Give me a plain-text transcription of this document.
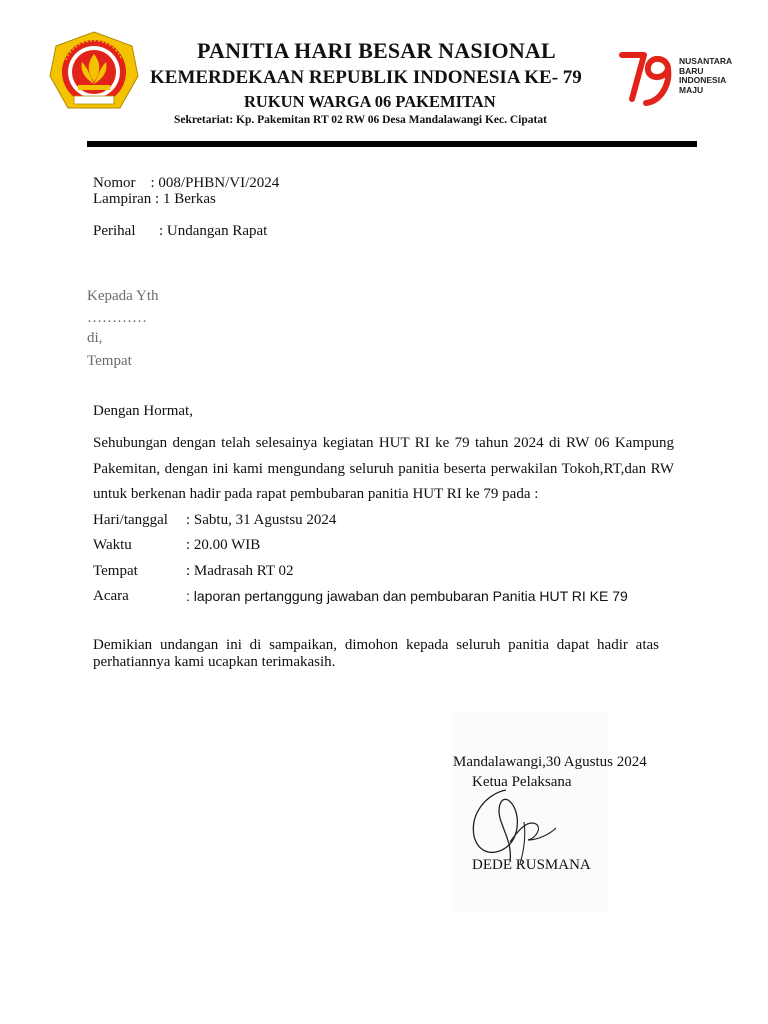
NUSANTARA
BARU
INDONESIA
MAJU
PANITIA HARI BESAR NASIONAL
KEMERDEKAAN REPUBLIK INDONESIA KE- 79
RUKUN WARGA 06 PAKEMITAN
Sekretariat: Kp. Pakemitan RT 02 RW 06 Desa Mandalawangi Kec. Cipatat
Nomor    : 008/PHBN/VI/2024
Lampiran : 1 Berkas
Perihal : Undangan Rapat
Kepada Yth
…………
di,
Tempat
Dengan Hormat,
Sehubungan dengan telah selesainya kegiatan HUT RI ke 79 tahun 2024 di RW 06 Kampung Pakemitan, dengan ini kami mengundang seluruh panitia beserta perwakilan Tokoh,RT,dan RW untuk berkenan hadir pada rapat pembubaran panitia HUT RI ke 79 pada :
Hari/tanggal : Sabtu, 31 Agustsu 2024
Waktu	: 20.00 WIB
Tempat	: Madrasah RT 02
Acara	: laporan pertanggung jawaban dan pembubaran Panitia HUT RI KE 79
Demikian undangan ini di sampaikan, dimohon kepada seluruh panitia dapat hadir atas perhatiannya kami ucapkan terimakasih.
Mandalawangi,30 Agustus 2024
Ketua Pelaksana
DEDE RUSMANA
